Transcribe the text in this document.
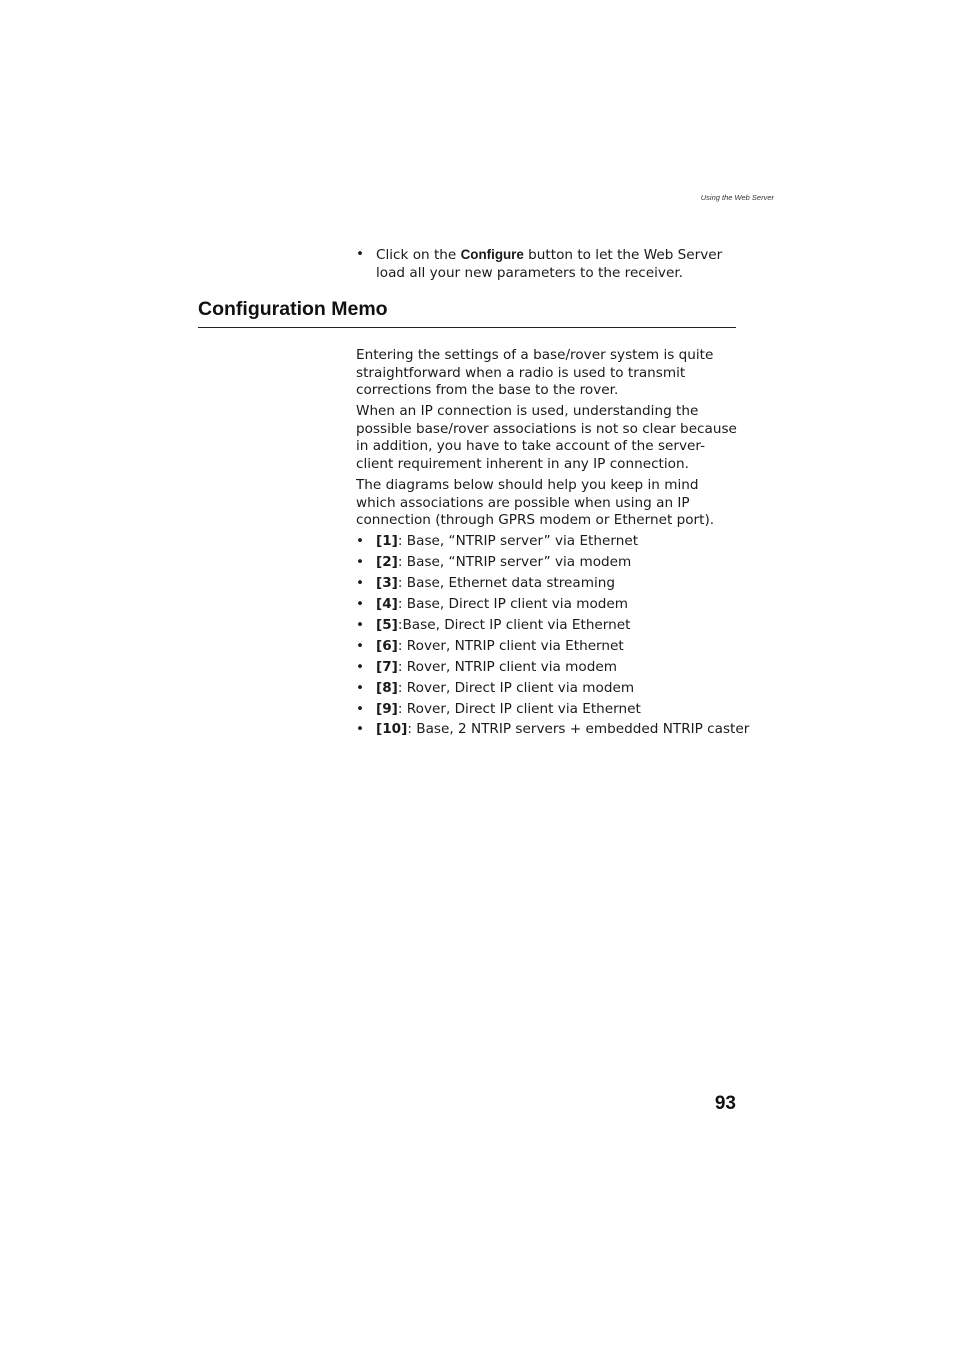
Using the Web Server
• Click on the Configure button to let the Web Server load all your new parameters to the receiver.
Configuration Memo

Entering the settings of a base/rover system is quite straightforward when a radio is used to transmit corrections from the base to the rover.

When an IP connection is used, understanding the possible base/rover associations is not so clear because in addition, you have to take account of the server-client requirement inherent in any IP connection.

The diagrams below should help you keep in mind which associations are possible when using an IP connection (through GPRS modem or Ethernet port).

• [1]: Base, “NTRIP server” via Ethernet
• [2]: Base, “NTRIP server” via modem
• [3]: Base, Ethernet data streaming
• [4]: Base, Direct IP client via modem
• [5]:Base, Direct IP client via Ethernet
• [6]: Rover, NTRIP client via Ethernet
• [7]: Rover, NTRIP client via modem
• [8]: Rover, Direct IP client via modem
• [9]: Rover, Direct IP client via Ethernet
• [10]: Base, 2 NTRIP servers + embedded NTRIP caster
93
